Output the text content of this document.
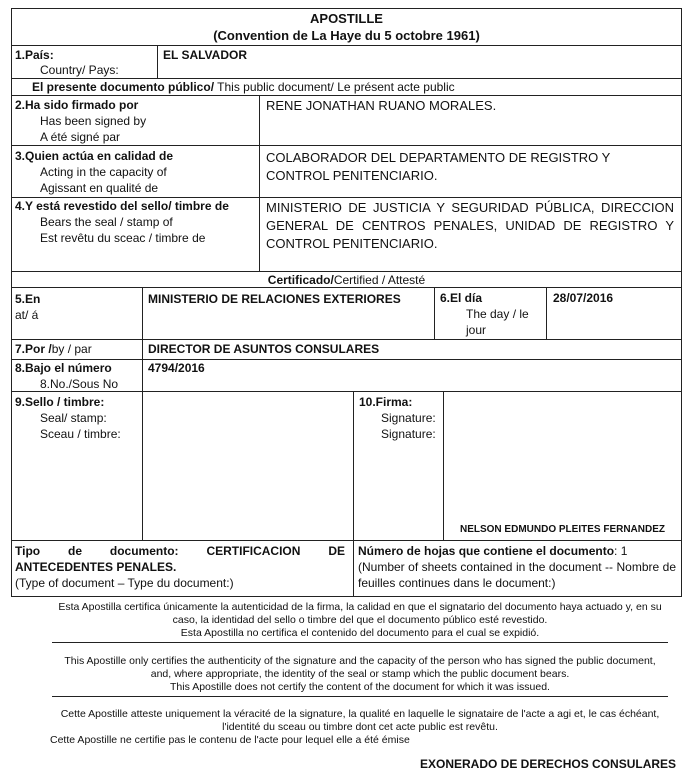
APOSTILLE
(Convention de La Haye du 5 octobre 1961)
1.País:
Country/ Pays:
EL SALVADOR
El presente documento público/ This public document/ Le présent acte public
2.Ha sido firmado por
Has been signed by
A été signé par
RENE JONATHAN RUANO MORALES.
3.Quien actúa en calidad de
Acting in the capacity of
Agissant en qualité de
COLABORADOR DEL DEPARTAMENTO DE REGISTRO Y CONTROL PENITENCIARIO.
4.Y está revestido del sello/ timbre de
Bears the seal / stamp of
Est revêtu du sceac / timbre de
MINISTERIO DE JUSTICIA Y SEGURIDAD PÚBLICA, DIRECCION GENERAL DE CENTROS PENALES, UNIDAD DE REGISTRO Y CONTROL PENITENCIARIO.
Certificado/Certified / Attesté
5.En
at/ á
MINISTERIO DE RELACIONES EXTERIORES	6.El día
The day / le
jour
28/07/2016
7.Por /by / par	DIRECTOR DE ASUNTOS CONSULARES
8.Bajo el número
8.No./Sous No
4794/2016
9.Sello / timbre:
Seal/ stamp:
Sceau / timbre:
10.Firma:
Signature:
Signature:
NELSON EDMUNDO PLEITES FERNANDEZ
Tipo de documento: CERTIFICACION DE ANTECEDENTES PENALES.
(Type of document – Type du document:)
Número de hojas que contiene el documento: 1
(Number of sheets contained in the document -- Nombre de feuilles continues dans le document:)
Esta Apostilla certifica únicamente la autenticidad de la firma, la calidad en que el signatario del documento haya actuado y, en su
caso, la identidad del sello o timbre del que el documento público esté revestido.
Esta Apostilla no certifica el contenido del documento para el cual se expidió.
This Apostille only certifies the authenticity of the signature and the capacity of the person who has signed the public document,
and, where appropriate, the identity of the seal or stamp which the public document bears.
This Apostille does not certify the content of the document for which it was issued.
Cette Apostille atteste uniquement la véracité de la signature, la qualité en laquelle le signataire de l'acte a agi et, le cas échéant,
l'identité du sceau ou timbre dont cet acte public est revêtu.
Cette Apostille ne certifie pas le contenu de l'acte pour lequel elle a été émise
EXONERADO DE DERECHOS CONSULARES
